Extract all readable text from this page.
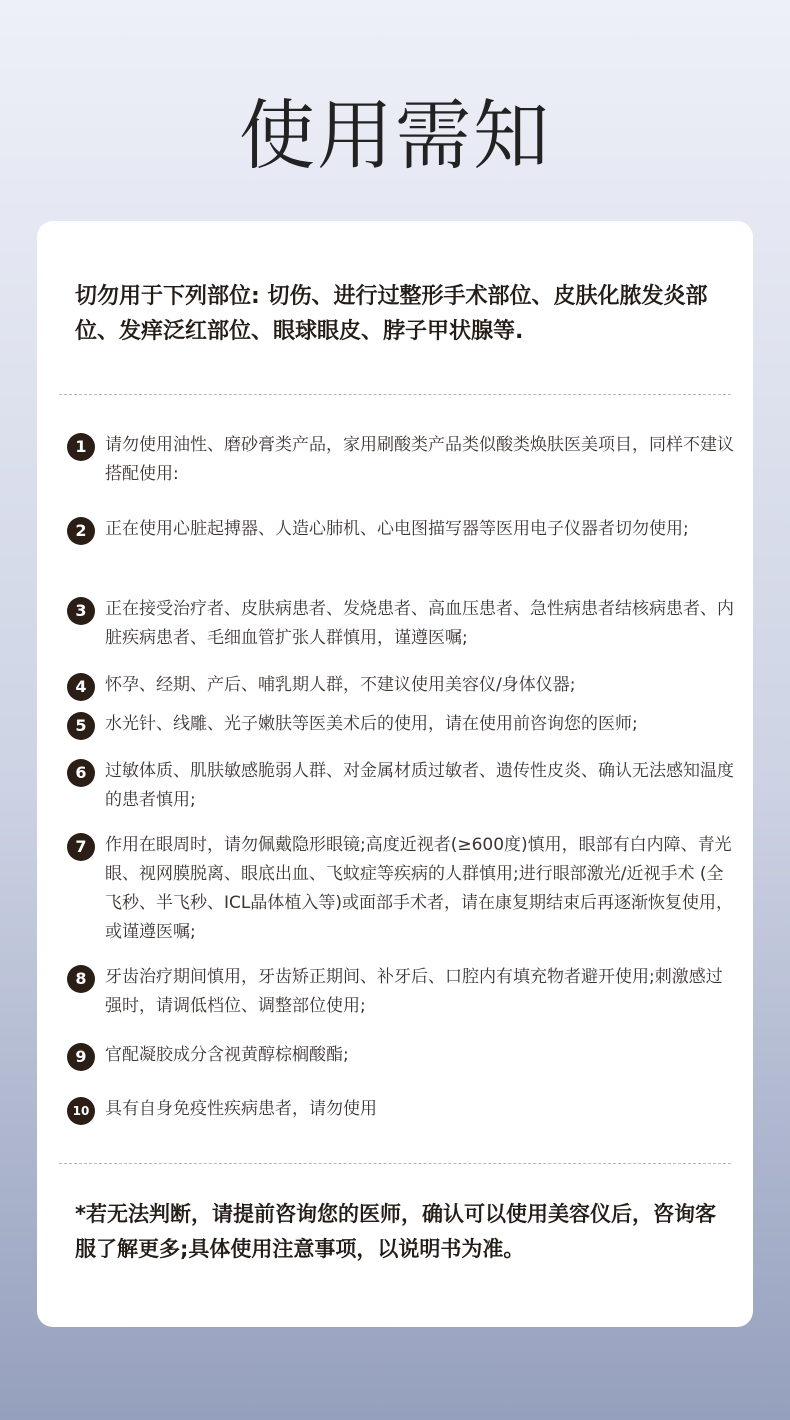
使用需知
切勿用于下列部位: 切伤、进行过整形手术部位、皮肤化脓发炎部位、发痒泛红部位、眼球眼皮、脖子甲状腺等.
1	请勿使用油性、磨砂膏类产品，家用刷酸类产品类似酸类焕肤医美项目，同样不建议搭配使用:
2	正在使用心脏起搏器、人造心肺机、心电图描写器等医用电子仪器者切勿使用;
3	正在接受治疗者、皮肤病患者、发烧患者、高血压患者、急性病患者结核病患者、内脏疾病患者、毛细血管扩张人群慎用，谨遵医嘱;
4	怀孕、经期、产后、哺乳期人群，不建议使用美容仪/身体仪器;
5	水光针、线雕、光子嫩肤等医美术后的使用，请在使用前咨询您的医师;
6	过敏体质、肌肤敏感脆弱人群、对金属材质过敏者、遗传性皮炎、确认无法感知温度的患者慎用;
7	作用在眼周时，请勿佩戴隐形眼镜;高度近视者(≥600度)慎用，眼部有白内障、青光眼、视网膜脱离、眼底出血、飞蚊症等疾病的人群慎用;进行眼部激光/近视手术 (全飞秒、半飞秒、ICL晶体植入等)或面部手术者，请在康复期结束后再逐渐恢复使用，或谨遵医嘱;
8	牙齿治疗期间慎用，牙齿矫正期间、补牙后、口腔内有填充物者避开使用;刺激感过强时，请调低档位、调整部位使用;
9	官配凝胶成分含视黄醇棕榈酸酯;
10 具有自身免疫性疾病患者，请勿使用
*若无法判断，请提前咨询您的医师，确认可以使用美容仪后，咨询客服了解更多;具体使用注意事项，以说明书为准。
